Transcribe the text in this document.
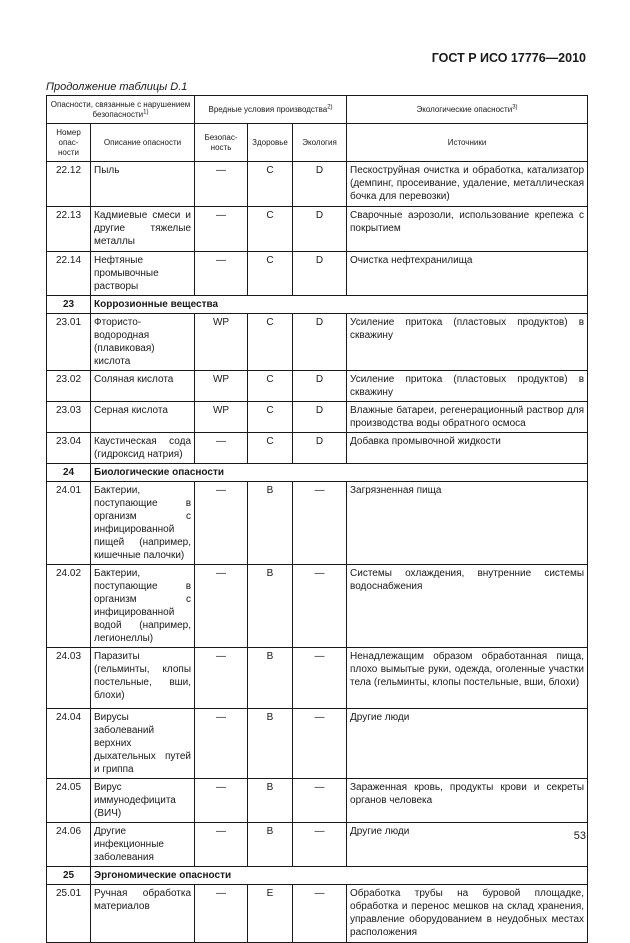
ГОСТ Р ИСО 17776—2010
Продолжение таблицы D.1
Опасности, связанные с нарушением безопасности$^{1)}$		Вредные условия производства$^{2)}$			Экологические опасности$^{3)}$
Номер опас-ности	Описание опасности	Безопас-ность	Здоровье	Экология	Источники
22.12	Пыль	—	C	D	Пескоструйная очистка и обработка, катализатор (демпинг, просеивание, удаление, металлическая бочка для перевозки)
22.13	Кадмиевые смеси и другие тяжелые металлы	—	C	D	Сварочные аэрозоли, использование крепежа с покрытием
22.14	Нефтяные промывочные растворы	—	C	D	Очистка нефтехранилища
23	Коррозионные вещества				
23.01	Фтористо-водородная (плавиковая) кислота	WP	C	D	Усиление притока (пластовых продуктов) в скважину
23.02	Соляная кислота	WP	C	D	Усиление притока (пластовых продуктов) в скважину
23.03	Серная кислота	WP	C	D	Влажные батареи, регенерационный раствор для производства воды обратного осмоса
23.04	Каустическая сода (гидроксид натрия)	—	C	D	Добавка промывочной жидкости
24	Биологические опасности				
24.01	Бактерии, поступающие в организм с инфицированной пищей (например, кишечные палочки)	—	B	—	Загрязненная пища
24.02	Бактерии, поступающие в организм с инфицированной водой (например, легионеллы)	—	B	—	Системы охлаждения, внутренние системы водоснабжения
24.03	Паразиты (гельминты, клопы постельные, вши, блохи)	—	B	—	Ненадлежащим образом обработанная пища, плохо вымытые руки, одежда, оголенные участки тела (гельминты, клопы постельные, вши, блохи)
24.04	Вирусы заболеваний верхних дыхательных путей и гриппа	—	B	—	Другие люди
24.05	Вирус иммунодефицита (ВИЧ)	—	B	—	Зараженная кровь, продукты крови и секреты органов человека
24.06	Другие инфекционные заболевания	—	B	—	Другие люди
25	Эргономические опасности				
25.01	Ручная обработка материалов	—	E	—	Обработка трубы на буровой площадке, обработка и перенос мешков на склад хранения, управление оборудованием в неудобных местах расположения
53
